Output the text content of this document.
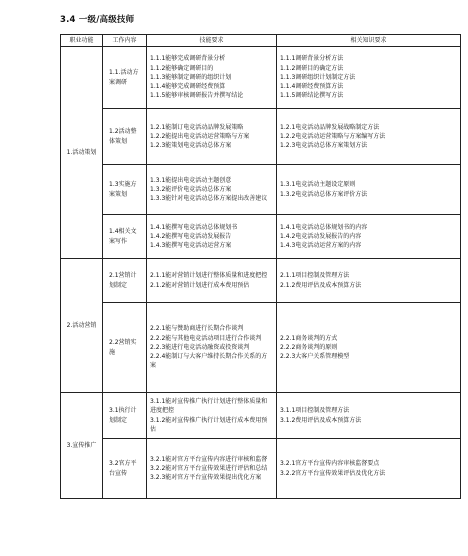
3.4 一级/高级技师
职业功能	工作内容	技能要求	相关知识要求
1.活动策划	1.1.活动方案调研	1.1.1能够完成调研背景分析
1.1.2能够确定调研目的
1.1.3能够制定调研的组织计划
1.1.4能够完成调研经费预算
1.1.5能够审核调研报告并撰写结论	1.1.1调研背景分析方法
1.1.2调研目的确定方法
1.1.3调研组织计划制定方法
1.1.4调研经费预算方法
1.1.5调研结论撰写方法

	1.2活动整体策划	1.2.1能制订电竞活动品牌发展策略
1.2.2能提出电竞活动运营策略与方案
1.2.3能策划电竞活动总体方案	1.2.1电竞活动品牌发展战略制定方法
1.2.2电竞活动运营策略与方案编写方法
1.2.3电竞活动总体方案策划方法

	1.3实施方案策划	1.3.1能提出电竞活动主题创意
1.3.2能评价电竞活动总体方案
1.3.3能针对电竞活动总体方案提出改善建议	1.3.1电竞活动主题设定原则
1.3.2电竞活动总体方案评价方法

	1.4相关文案写作	1.4.1能撰写电竞活动总体规划书
1.4.2能撰写电竞活动发展报告
1.4.3能撰写电竞活动运营方案	1.4.1电竞活动总体规划书的内容
1.4.2电竞活动发展报告的内容
1.4.3电竞活动运营方案的内容

2.活动营销	2.1营销计划制定	2.1.1能对营销计划进行整体质量和进度把控
2.1.2能对营销计划进行成本费用预估	2.1.1项目控制及管理方法
2.1.2费用评估及成本预算方法

	2.2营销实施	2.2.1能与赞助商进行长期合作谈判
2.2.2能与其他电竞活动项目进行合作谈判
2.2.3能进行电竞活动融资或投资谈判
2.2.4能制订与大客户维持长期合作关系的方案	2.2.1商务谈判的方式
2.2.2商务谈判的原则
2.2.3大客户关系管理模型

3.宣传推广	3.1执行计划制定	3.1.1能对宣传推广执行计划进行整体质量和进度把控
3.1.2能对宣传推广执行计划进行成本费用预估	3.1.1项目控制及管理方法
3.1.2费用评估及成本预算方法

	3.2官方平台宣传	3.2.1能对官方平台宣传内容进行审核和监督
3.2.2能对官方平台宣传效果进行评估和总结
3.2.3能对官方平台宣传效果提出优化方案	3.2.1官方平台宣传内容审核监督要点
3.2.2官方平台宣传效果评估及优化方法
